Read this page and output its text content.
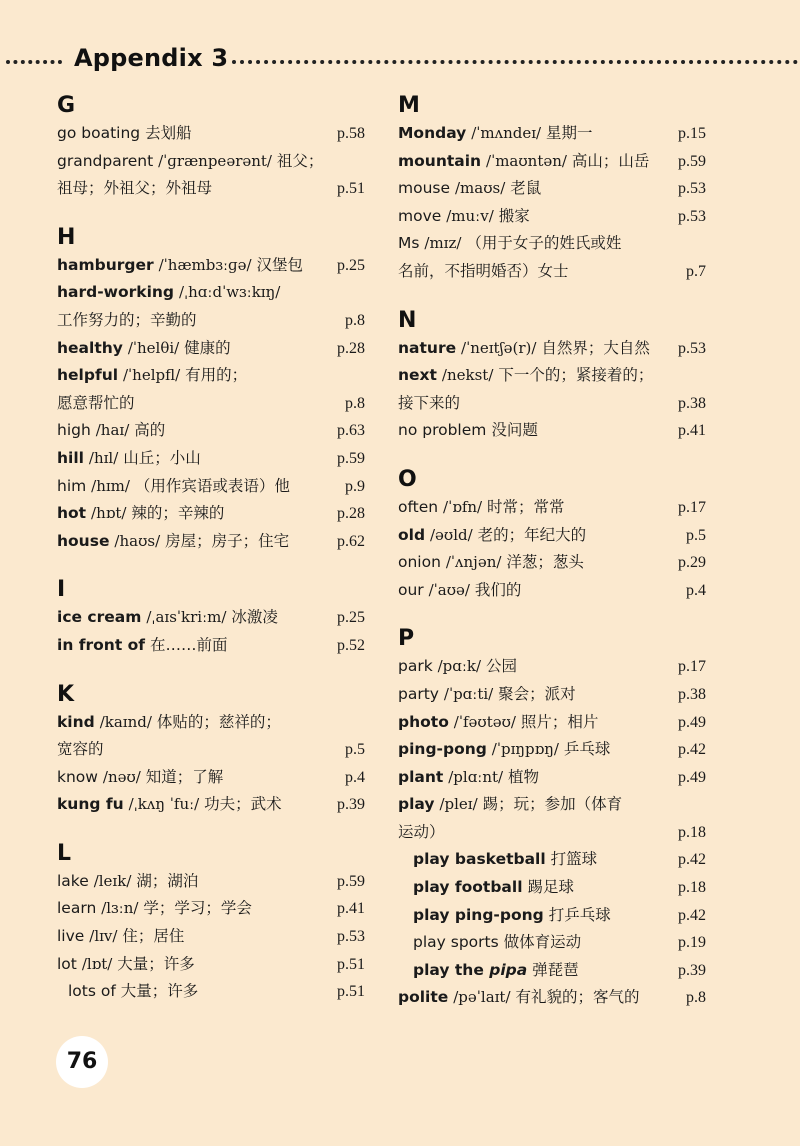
Appendix 3
G
go boating 去划船	p.58
grandparent /ˈɡrænpeərənt/ 祖父；
祖母；外祖父；外祖母	p.51
H
hamburger /ˈhæmbɜːɡə/ 汉堡包	p.25
hard-working /ˌhɑːdˈwɜːkɪŋ/
工作努力的；辛勤的	p.8
healthy /ˈhelθi/ 健康的	p.28
helpful /ˈhelpfl/ 有用的；
愿意帮忙的	p.8
high /haɪ/ 高的	p.63
hill /hɪl/ 山丘；小山	p.59
him /hɪm/ （用作宾语或表语）他	p.9
hot /hɒt/ 辣的；辛辣的	p.28
house /haʊs/ 房屋；房子；住宅	p.62
I
ice cream /ˌaɪsˈkriːm/ 冰激凌	p.25
in front of 在……前面	p.52
K
kind /kaɪnd/ 体贴的；慈祥的；
宽容的	p.5
know /nəʊ/ 知道；了解	p.4
kung fu /ˌkʌŋ ˈfuː/ 功夫；武术	p.39
L
lake /leɪk/ 湖；湖泊	p.59
learn /lɜːn/ 学；学习；学会	p.41
live /lɪv/ 住；居住	p.53
lot /lɒt/ 大量；许多	p.51
lots of 大量；许多	p.51
M
Monday /ˈmʌndeɪ/ 星期一	p.15
mountain /ˈmaʊntən/ 高山；山岳	p.59
mouse /maʊs/ 老鼠	p.53
move /muːv/ 搬家	p.53
Ms /mɪz/ （用于女子的姓氏或姓
名前，不指明婚否）女士	p.7
N
nature /ˈneɪtʃə(r)/ 自然界；大自然	p.53
next /nekst/ 下一个的；紧接着的；
接下来的	p.38
no problem 没问题	p.41
O
often /ˈɒfn/ 时常；常常	p.17
old /əʊld/ 老的；年纪大的	p.5
onion /ˈʌnjən/ 洋葱；葱头	p.29
our /ˈaʊə/ 我们的	p.4
P
park /pɑːk/ 公园	p.17
party /ˈpɑːti/ 聚会；派对	p.38
photo /ˈfəʊtəʊ/ 照片；相片	p.49
ping-pong /ˈpɪŋpɒŋ/ 乒乓球	p.42
plant /plɑːnt/ 植物	p.49
play /pleɪ/ 踢；玩；参加（体育
运动）	p.18
play basketball 打篮球	p.42
play football 踢足球	p.18
play ping-pong 打乒乓球	p.42
play sports 做体育运动	p.19
play the pipa 弹琵琶	p.39
polite /pəˈlaɪt/ 有礼貌的；客气的	p.8
76
